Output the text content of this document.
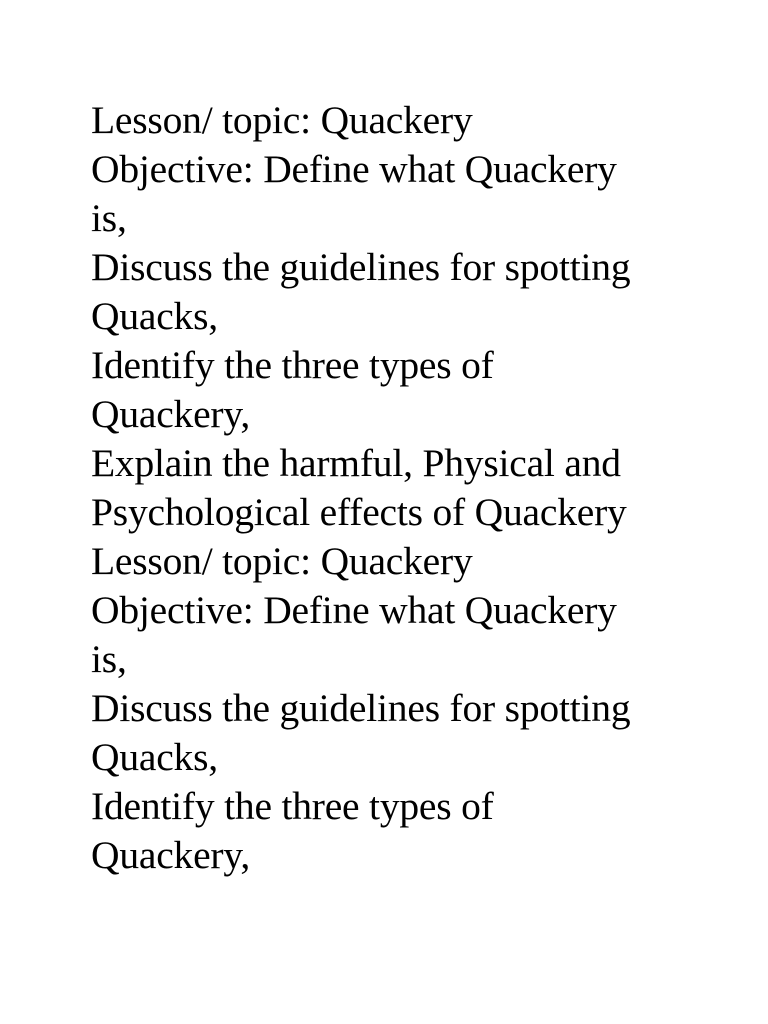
Lesson/ topic: Quackery
Objective: Define what Quackery
is,
Discuss the guidelines for spotting
Quacks,
Identify the three types of
Quackery,
Explain the harmful, Physical and
Psychological effects of Quackery
Lesson/ topic: Quackery
Objective: Define what Quackery
is,
Discuss the guidelines for spotting
Quacks,
Identify the three types of
Quackery,
